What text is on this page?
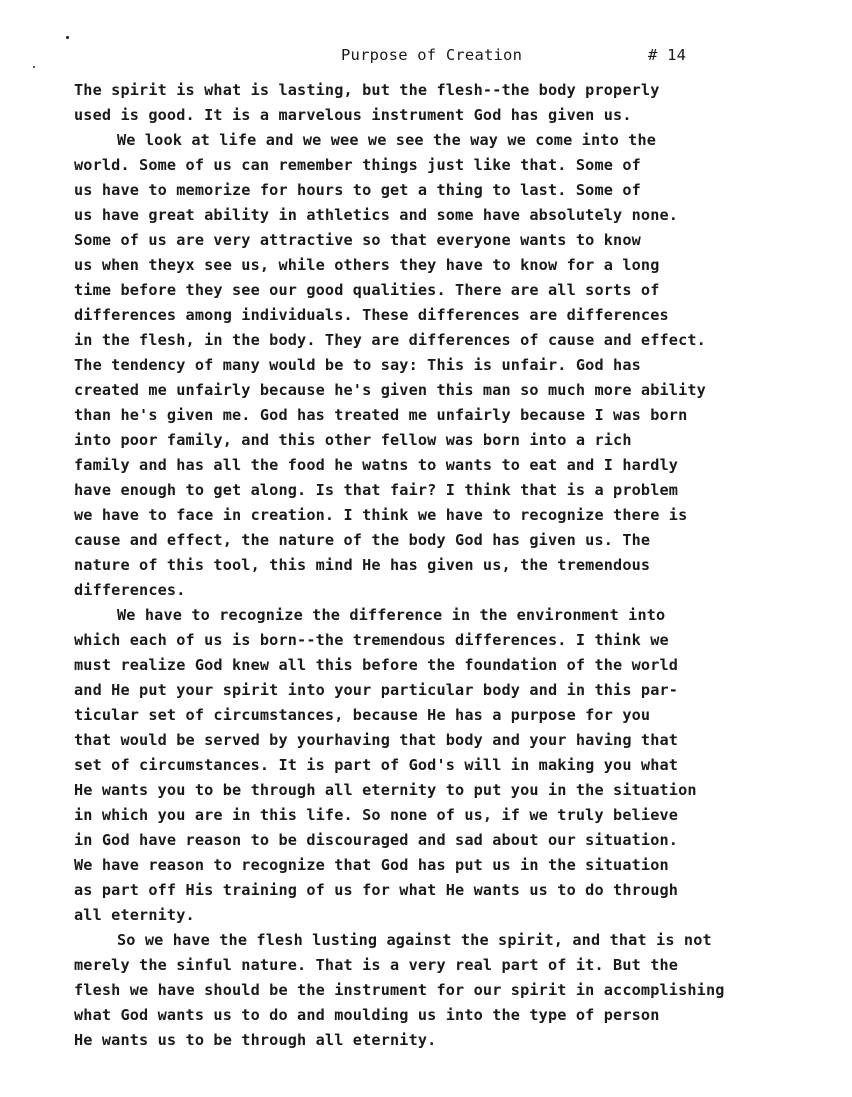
Purpose of Creation	# 14
The spirit is what is lasting, but the flesh--the body properly
used is good. It is a marvelous instrument God has given us.
We look at life and we wee we see the way we come into the
world. Some of us can remember things just like that. Some of
us have to memorize for hours to get a thing to last. Some of
us have great ability in athletics and some have absolutely none.
Some of us are very attractive so that everyone wants to know
us when theyx see us, while others they have to know for a long
time before they see our good qualities. There are all sorts of
differences among individuals. These differences are differences
in the flesh, in the body. They are differences of cause and effect.
The tendency of many would be to say: This is unfair. God has
created me unfairly because he's given this man so much more ability
than he's given me. God has treated me unfairly because I was born
into poor family, and this other fellow was born into a rich
family and has all the food he watns to wants to eat and I hardly
have enough to get along. Is that fair? I think that is a problem
we have to face in creation. I think we have to recognize there is
cause and effect, the nature of the body God has given us. The
nature of this tool, this mind He has given us, the tremendous
differences.
We have to recognize the difference in the environment into
which each of us is born--the tremendous differences. I think we
must realize God knew all this before the foundation of the world
and He put your spirit into your particular body and in this par-
ticular set of circumstances, because He has a purpose for you
that would be served by yourhaving that body and your having that
set of circumstances. It is part of God's will in making you what
He wants you to be through all eternity to put you in the situation
in which you are in this life. So none of us, if we truly believe
in God have reason to be discouraged and sad about our situation.
We have reason to recognize that God has put us in the situation
as part off His training of us for what He wants us to do through
all eternity.
So we have the flesh lusting against the spirit, and that is not
merely the sinful nature. That is a very real part of it. But the
flesh we have should be the instrument for our spirit in accomplishing
what God wants us to do and moulding us into the type of person
He wants us to be through all eternity.
